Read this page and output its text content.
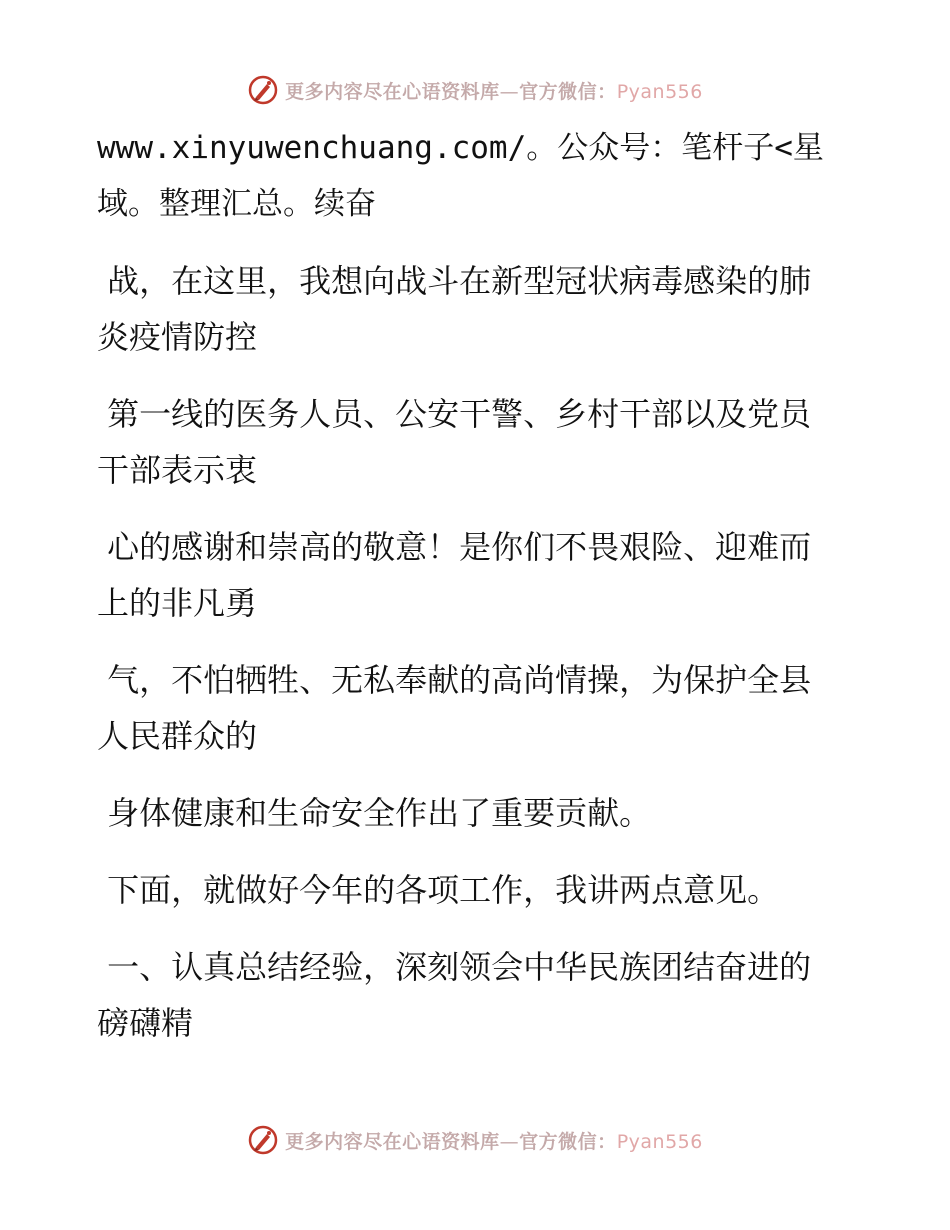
更多内容尽在心语资料库—官方微信：Pyan556

www.xinyuwenchuang.com/。公众号：笔杆子<星域。整理汇总。续奋

战，在这里，我想向战斗在新型冠状病毒感染的肺炎疫情防控

第一线的医务人员、公安干警、乡村干部以及党员干部表示衷

心的感谢和崇高的敬意！是你们不畏艰险、迎难而上的非凡勇

气，不怕牺牲、无私奉献的高尚情操，为保护全县人民群众的

身体健康和生命安全作出了重要贡献。

下面，就做好今年的各项工作，我讲两点意见。

一、认真总结经验，深刻领会中华民族团结奋进的磅礴精

更多内容尽在心语资料库—官方微信：Pyan556
